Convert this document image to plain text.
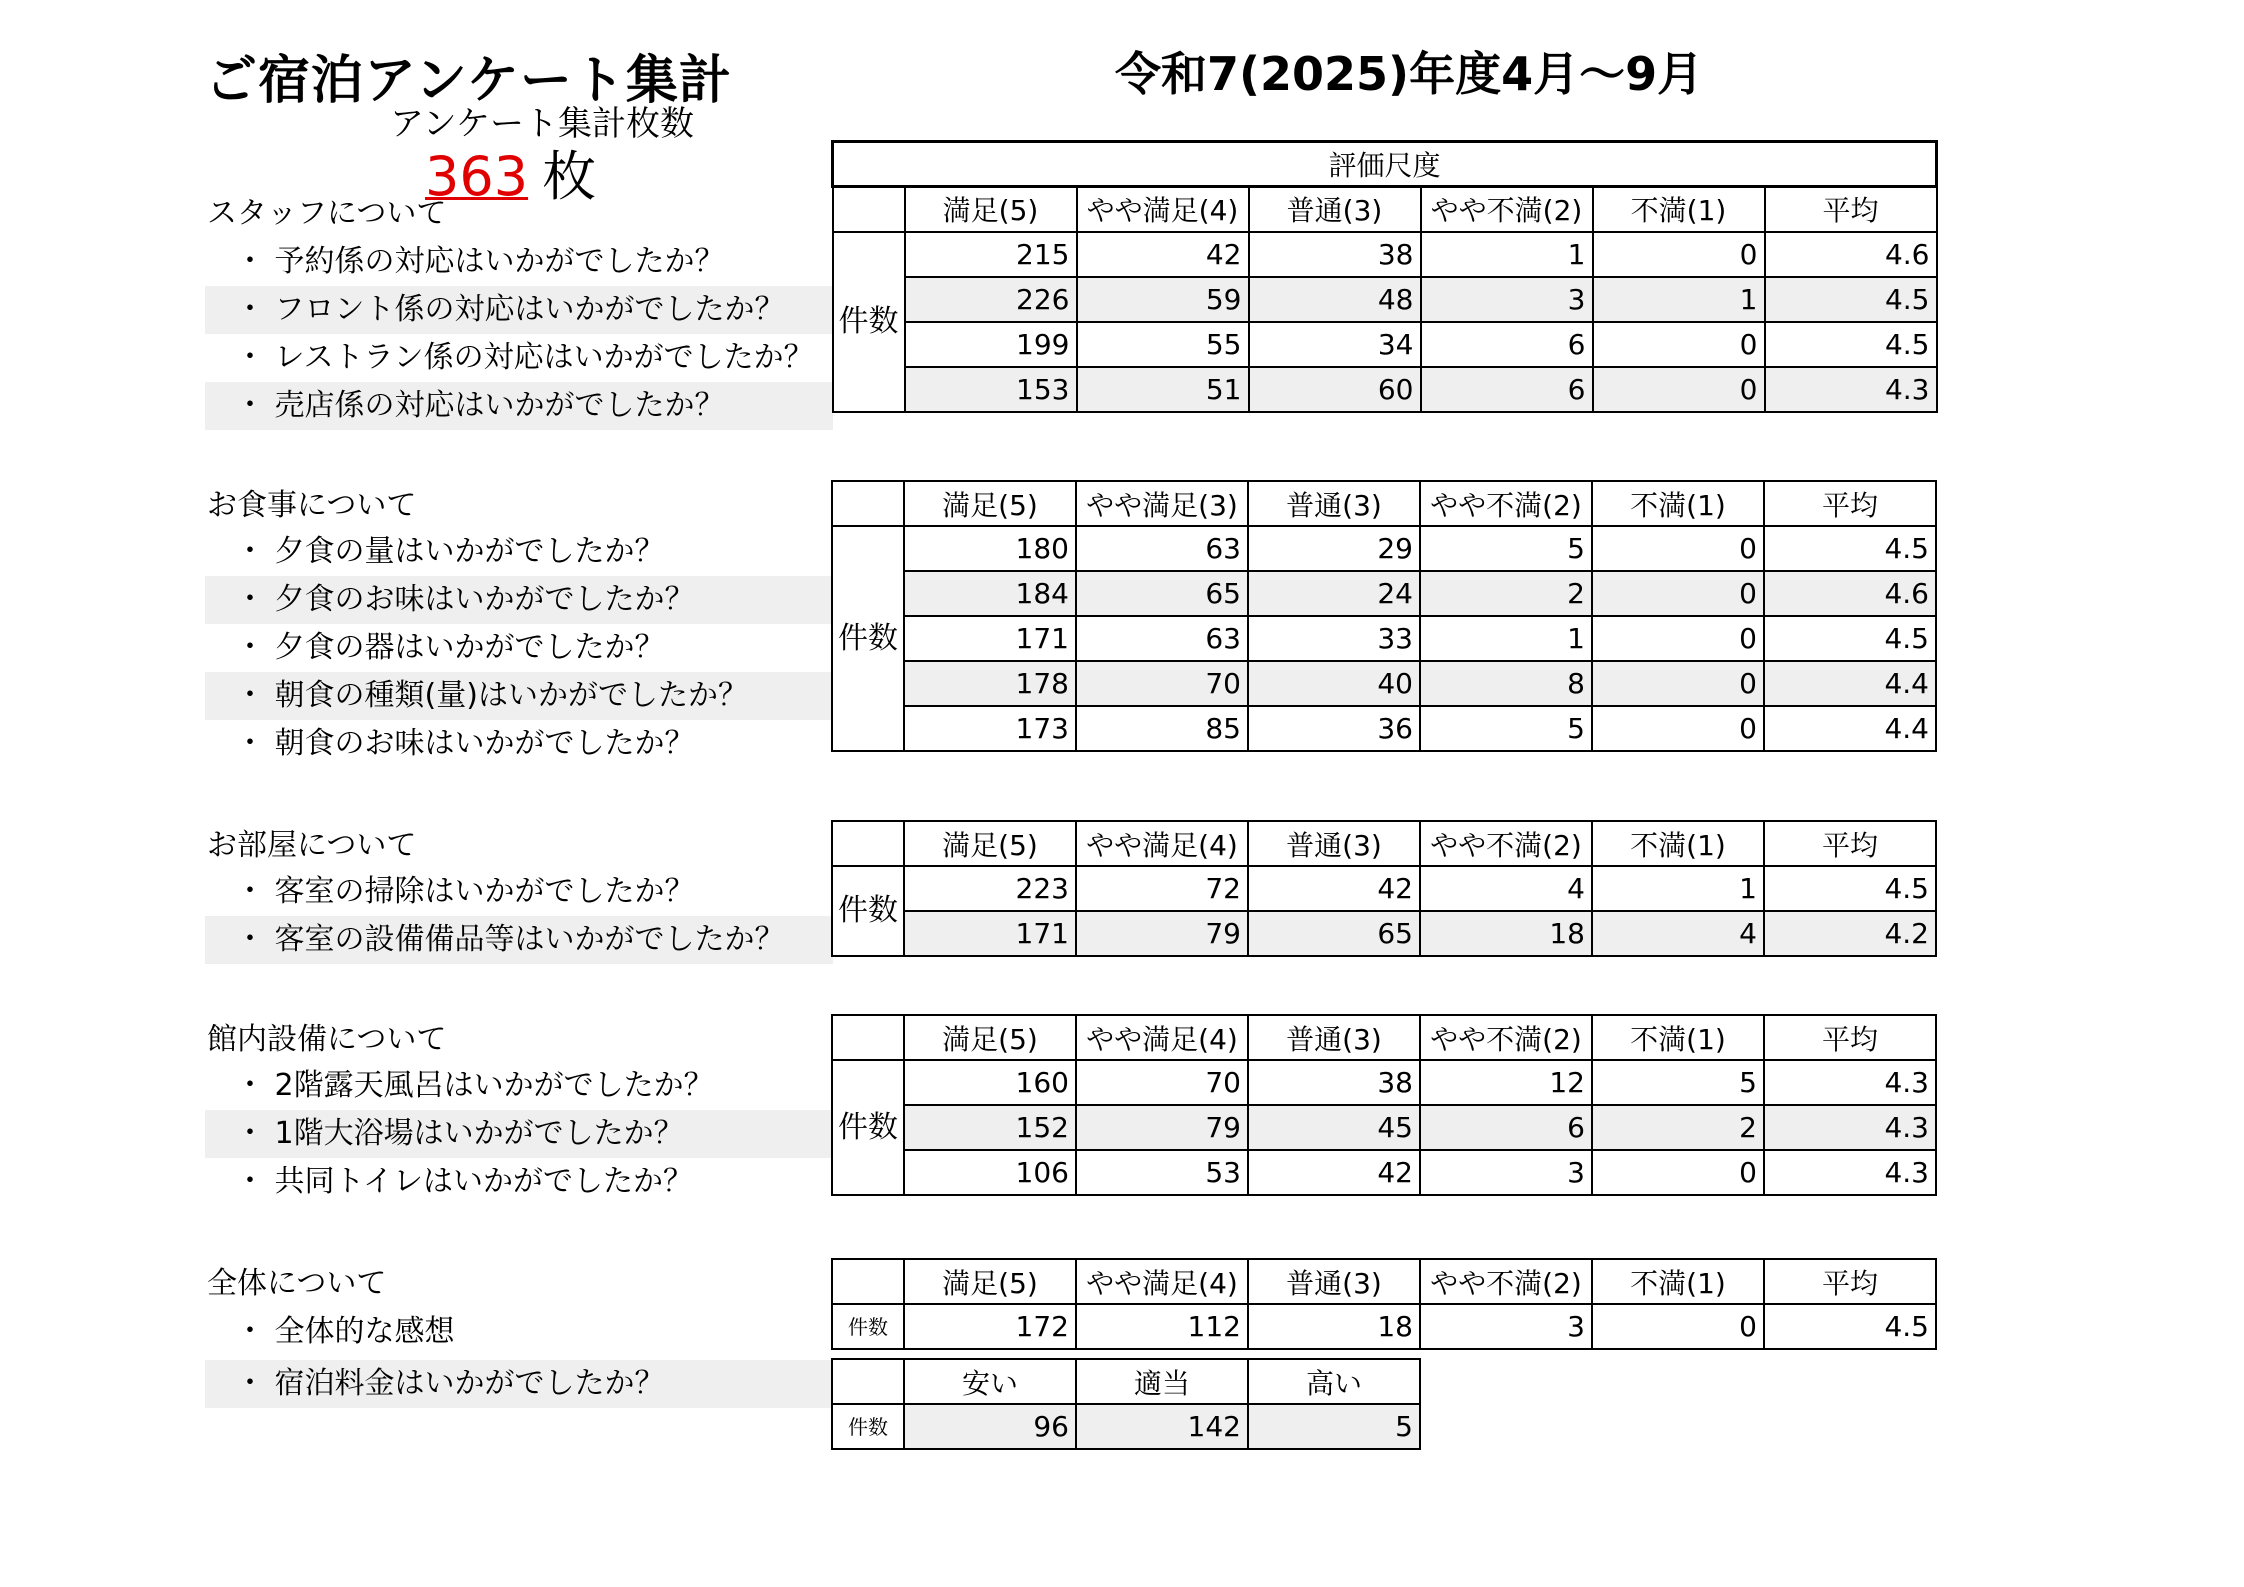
ご宿泊アンケート集計	令和7(2025)年度4月～9月
アンケート集計枚数
363 枚
スタッフについて
・ 予約係の対応はいかがでしたか？
・ フロント係の対応はいかがでしたか？
・ レストラン係の対応はいかがでしたか？
・ 売店係の対応はいかがでしたか？
評価尺度						
	満足(5)	やや満足(4)	普通(3)	やや不満(2)	不満(1)	平均
件数	215	42	38	1	0	4.6
	226	59	48	3	1	4.5
	199	55	34	6	0	4.5
	153	51	60	6	0	4.3
お食事について
・ 夕食の量はいかがでしたか？
・ 夕食のお味はいかがでしたか？
・ 夕食の器はいかがでしたか？
・ 朝食の種類(量)はいかがでしたか？
・ 朝食のお味はいかがでしたか？
	満足(5)	やや満足(3)	普通(3)	やや不満(2)	不満(1)	平均
件数	180	63	29	5	0	4.5
	184	65	24	2	0	4.6
	171	63	33	1	0	4.5
	178	70	40	8	0	4.4
	173	85	36	5	0	4.4
お部屋について
・ 客室の掃除はいかがでしたか？
・ 客室の設備備品等はいかがでしたか？
	満足(5)	やや満足(4)	普通(3)	やや不満(2)	不満(1)	平均
件数	223	72	42	4	1	4.5
	171	79	65	18	4	4.2
館内設備について
・ 2階露天風呂はいかがでしたか？
・ 1階大浴場はいかがでしたか？
・ 共同トイレはいかがでしたか？
	満足(5)	やや満足(4)	普通(3)	やや不満(2)	不満(1)	平均
件数	160	70	38	12	5	4.3
	152	79	45	6	2	4.3
	106	53	42	3	0	4.3
全体について
・ 全体的な感想
・ 宿泊料金はいかがでしたか？
	満足(5)	やや満足(4)	普通(3)	やや不満(2)	不満(1)	平均
件数	172	112	18	3	0	4.5
	安い	適当	高い
件数	96	142	5
